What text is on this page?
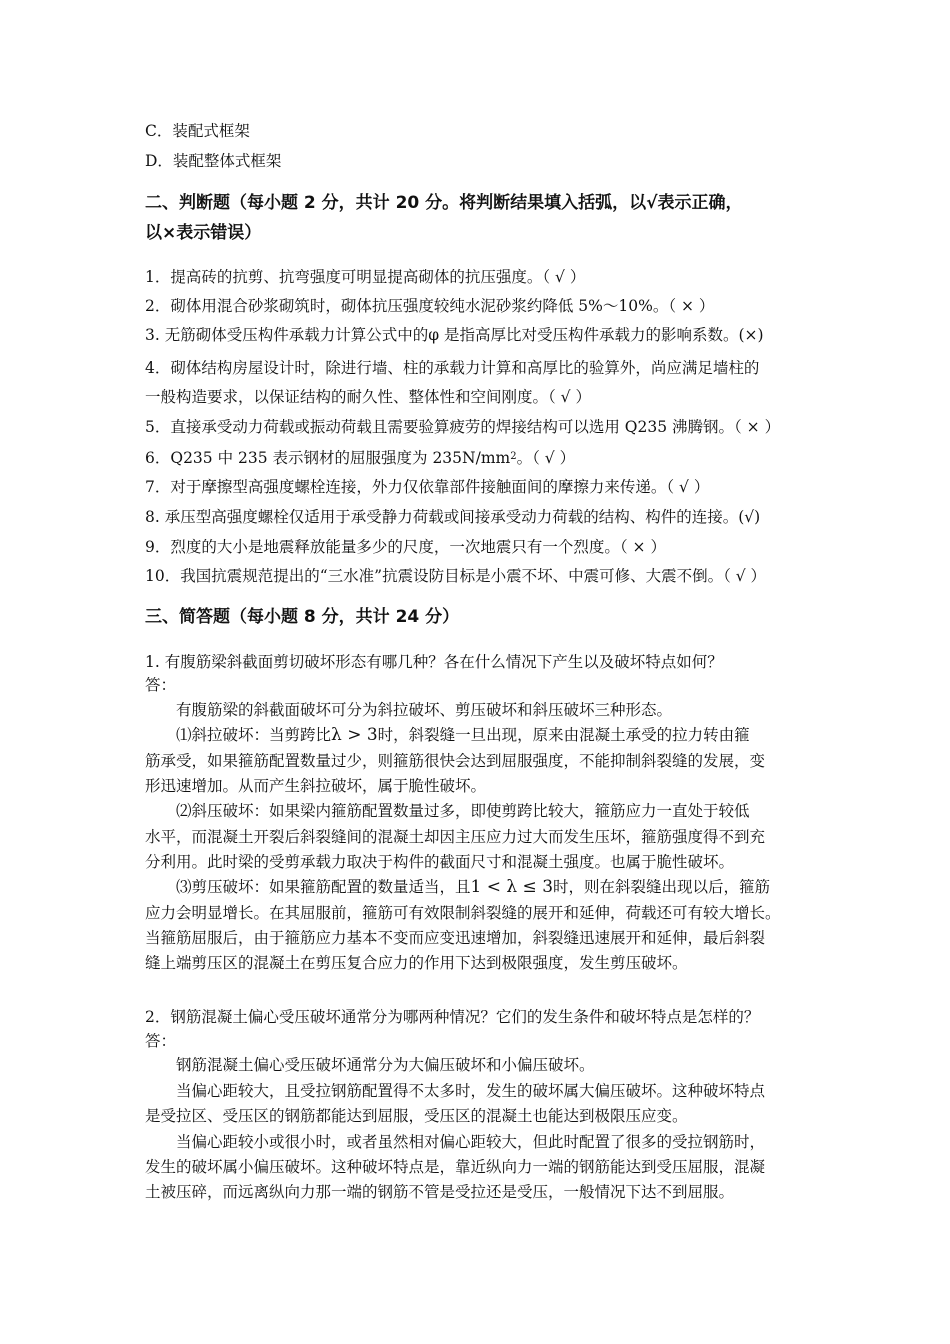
C．装配式框架
D．装配整体式框架
二、判断题（每小题 2 分，共计 20 分。将判断结果填入括弧，以√表示正确，
以×表示错误）
1．提高砖的抗剪、抗弯强度可明显提高砌体的抗压强度。（ √ ）
2．砌体用混合砂浆砌筑时，砌体抗压强度较纯水泥砂浆约降低 5%～10%。（ × ）
3. 无筋砌体受压构件承载力计算公式中的φ 是指高厚比对受压构件承载力的影响系数。(×)
4．砌体结构房屋设计时，除进行墙、柱的承载力计算和高厚比的验算外，尚应满足墙柱的
一般构造要求，以保证结构的耐久性、整体性和空间刚度。（ √ ）
5．直接承受动力荷载或振动荷载且需要验算疲劳的焊接结构可以选用 Q235 沸腾钢。（ × ）
6．Q235 中 235 表示钢材的屈服强度为 $235N/mm^2$。（ √ ）
7．对于摩擦型高强度螺栓连接，外力仅依靠部件接触面间的摩擦力来传递。（ √ ）
8. 承压型高强度螺栓仅适用于承受静力荷载或间接承受动力荷载的结构、构件的连接。(√)
9．烈度的大小是地震释放能量多少的尺度，一次地震只有一个烈度。（ × ）
10．我国抗震规范提出的“三水准”抗震设防目标是小震不坏、中震可修、大震不倒。（ √ ）
三、简答题（每小题 8 分，共计 24 分）
1. 有腹筋梁斜截面剪切破坏形态有哪几种？各在什么情况下产生以及破坏特点如何？
答：
有腹筋梁的斜截面破坏可分为斜拉破坏、剪压破坏和斜压破坏三种形态。
⑴斜拉破坏：当剪跨比λ > 3时，斜裂缝一旦出现，原来由混凝土承受的拉力转由箍
筋承受，如果箍筋配置数量过少，则箍筋很快会达到屈服强度，不能抑制斜裂缝的发展，变
形迅速增加。从而产生斜拉破坏，属于脆性破坏。
⑵斜压破坏：如果梁内箍筋配置数量过多，即使剪跨比较大，箍筋应力一直处于较低
水平，而混凝土开裂后斜裂缝间的混凝土却因主压应力过大而发生压坏，箍筋强度得不到充
分利用。此时梁的受剪承载力取决于构件的截面尺寸和混凝土强度。也属于脆性破坏。
⑶剪压破坏：如果箍筋配置的数量适当，且1 < λ ≤ 3时，则在斜裂缝出现以后，箍筋
应力会明显增长。在其屈服前，箍筋可有效限制斜裂缝的展开和延伸，荷载还可有较大增长。
当箍筋屈服后，由于箍筋应力基本不变而应变迅速增加，斜裂缝迅速展开和延伸，最后斜裂
缝上端剪压区的混凝土在剪压复合应力的作用下达到极限强度，发生剪压破坏。
2．钢筋混凝土偏心受压破坏通常分为哪两种情况？它们的发生条件和破坏特点是怎样的？
答：
钢筋混凝土偏心受压破坏通常分为大偏压破坏和小偏压破坏。
当偏心距较大，且受拉钢筋配置得不太多时，发生的破坏属大偏压破坏。这种破坏特点
是受拉区、受压区的钢筋都能达到屈服，受压区的混凝土也能达到极限压应变。
当偏心距较小或很小时，或者虽然相对偏心距较大，但此时配置了很多的受拉钢筋时，
发生的破坏属小偏压破坏。这种破坏特点是，靠近纵向力一端的钢筋能达到受压屈服，混凝
土被压碎，而远离纵向力那一端的钢筋不管是受拉还是受压，一般情况下达不到屈服。
